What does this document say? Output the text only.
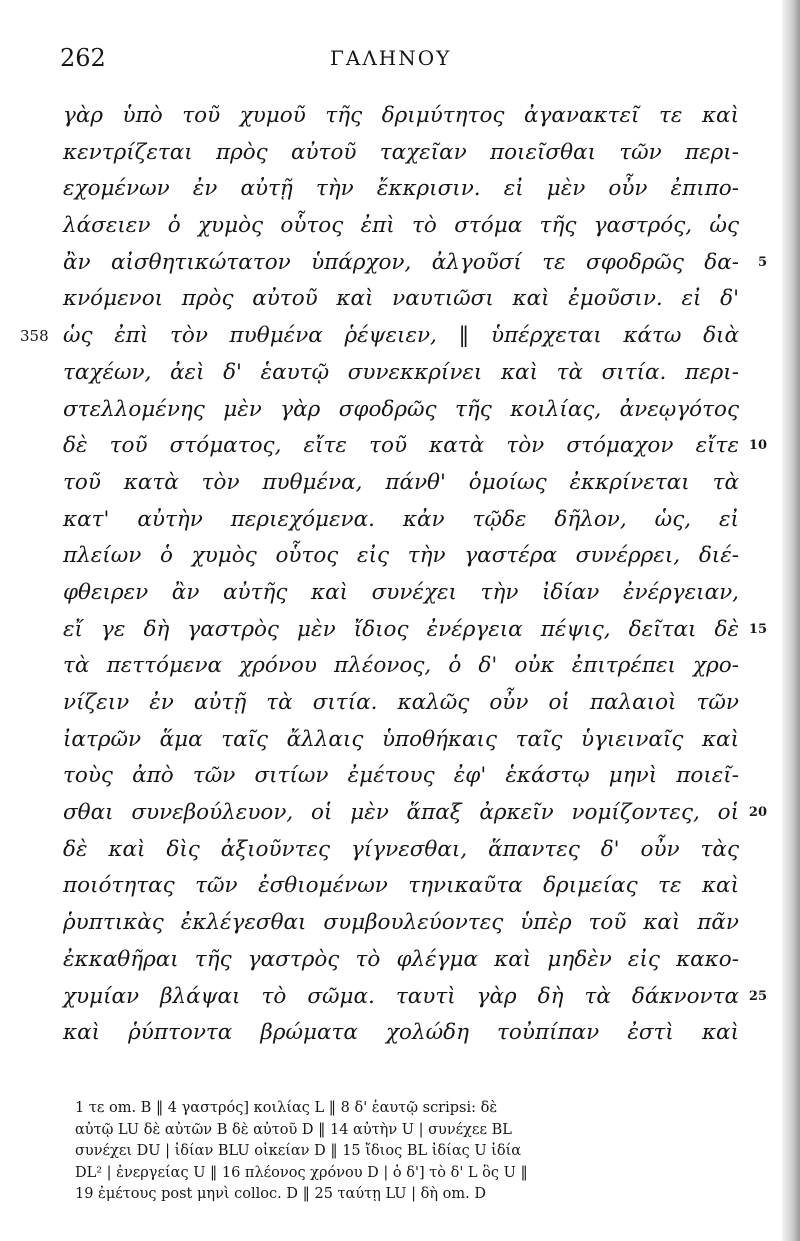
262	ΓΑΛΗΝΟΥ
γὰρ ὑπὸ τοῦ χυμοῦ τῆς δριμύτητος ἀγανακτεῖ τε καὶ
κεντρίζεται πρὸς αὐτοῦ ταχεῖαν ποιεῖσθαι τῶν περι-
εχομένων ἐν αὐτῇ τὴν ἔκκρισιν. εἰ μὲν οὖν ἐπιπο-
λάσειεν ὁ χυμὸς οὗτος ἐπὶ τὸ στόμα τῆς γαστρός, ὡς
ἂν αἰσθητικώτατον ὑπάρχον, ἀλγοῦσί τε σφοδρῶς δα- 5
κνόμενοι πρὸς αὐτοῦ καὶ ναυτιῶσι καὶ ἐμοῦσιν. εἰ δ'
358 ὡς ἐπὶ τὸν πυθμένα ῥέψειεν, ‖ ὑπέρχεται κάτω διὰ
ταχέων, ἀεὶ δ' ἑαυτῷ συνεκκρίνει καὶ τὰ σιτία. περι-
στελλομένης μὲν γὰρ σφοδρῶς τῆς κοιλίας, ἀνεῳγότος
δὲ τοῦ στόματος, εἴτε τοῦ κατὰ τὸν στόμαχον εἴτε 10
τοῦ κατὰ τὸν πυθμένα, πάνθ' ὁμοίως ἐκκρίνεται τὰ
κατ' αὐτὴν περιεχόμενα. κἀν τῷδε δῆλον, ὡς, εἰ
πλείων ὁ χυμὸς οὗτος εἰς τὴν γαστέρα συνέρρει, διέ-
φθειρεν ἂν αὐτῆς καὶ συνέχει τὴν ἰδίαν ἐνέργειαν,
εἴ γε δὴ γαστρὸς μὲν ἴδιος ἐνέργεια πέψις, δεῖται δὲ 15
τὰ πεττόμενα χρόνου πλέονος, ὁ δ' οὐκ ἐπιτρέπει χρο-
νίζειν ἐν αὐτῇ τὰ σιτία. καλῶς οὖν οἱ παλαιοὶ τῶν
ἰατρῶν ἅμα ταῖς ἄλλαις ὑποθήκαις ταῖς ὑγιειναῖς καὶ
τοὺς ἀπὸ τῶν σιτίων ἐμέτους ἐφ' ἑκάστῳ μηνὶ ποιεῖ-
σθαι συνεβούλευον, οἱ μὲν ἅπαξ ἀρκεῖν νομίζοντες, οἱ 20
δὲ καὶ δὶς ἀξιοῦντες γίγνεσθαι, ἅπαντες δ' οὖν τὰς
ποιότητας τῶν ἐσθιομένων τηνικαῦτα δριμείας τε καὶ
ῥυπτικὰς ἐκλέγεσθαι συμβουλεύοντες ὑπὲρ τοῦ καὶ πᾶν
ἐκκαθῆραι τῆς γαστρὸς τὸ φλέγμα καὶ μηδὲν εἰς κακο-
χυμίαν βλάψαι τὸ σῶμα. ταυτὶ γὰρ δὴ τὰ δάκνοντα 25
καὶ ῥύπτοντα βρώματα χολώδη τοὐπίπαν ἐστὶ καὶ
1 τε om. B ‖ 4 γαστρός] κοιλίας L ‖ 8 δ' ἑαυτῷ scripsi: δὲ
αὐτῷ LU δὲ αὐτῶν B δὲ αὐτοῦ D ‖ 14 αὐτὴν U | συνέχεε BL
συνέχει DU | ἰδίαν BLU οἰκείαν D ‖ 15 ἴδιος BL ἰδίας U ἰδία
DL² | ἐνεργείας U ‖ 16 πλέονος χρόνου D | ὁ δ'] τὸ δ' L ὃς U ‖
19 ἐμέτους post μηνὶ colloc. D ‖ 25 ταύτῃ LU | δὴ om. D
